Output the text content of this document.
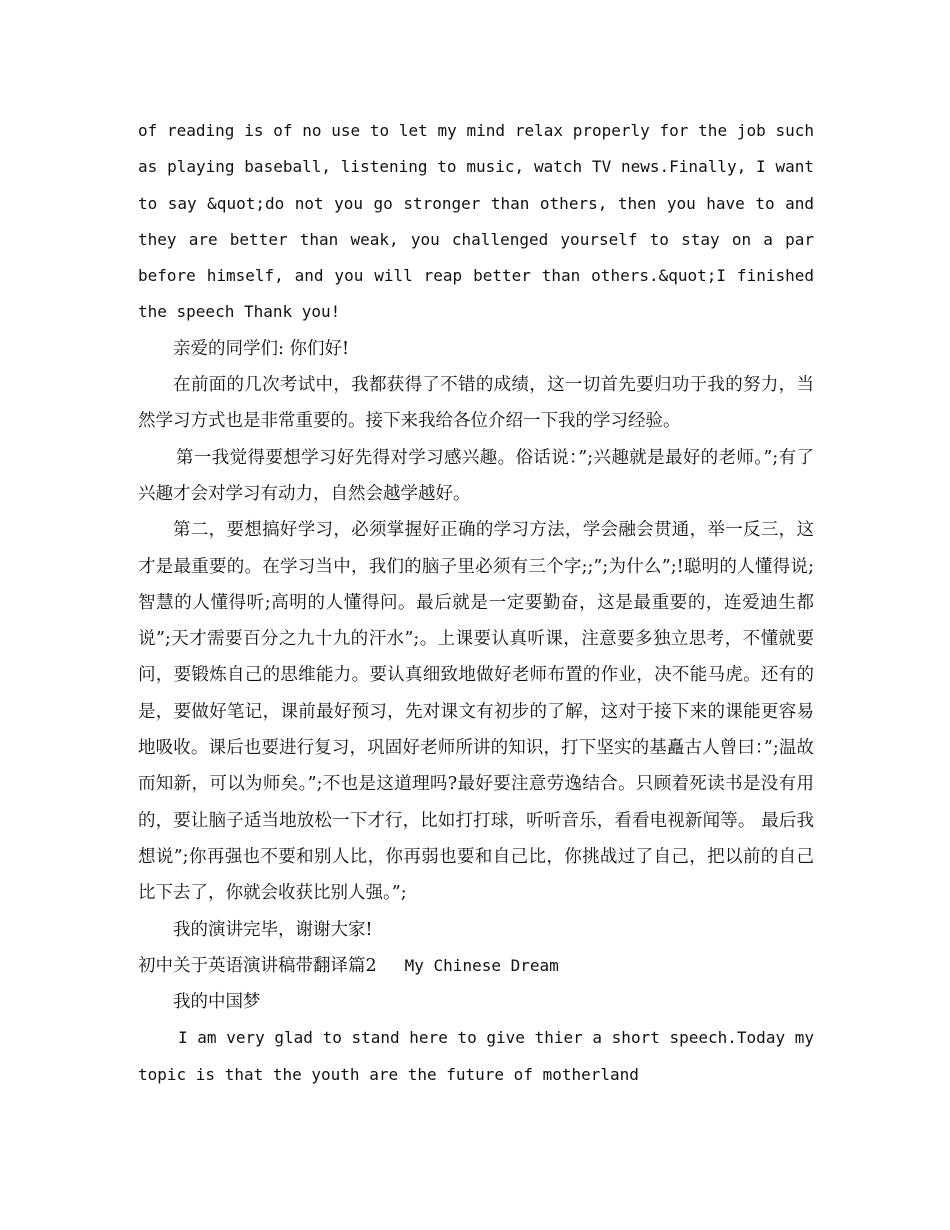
of reading is of no use to let my mind relax properly for the job such as playing baseball, listening to music, watch TV news.Finally, I want to say &quot;do not you go stronger than others, then you have to and they are better than weak, you challenged yourself to stay on a par before himself, and you will reap better than others.&quot;I finished the speech Thank you!

亲爱的同学们: 你们好!

在前面的几次考试中，我都获得了不错的成绩，这一切首先要归功于我的努力，当然学习方式也是非常重要的。接下来我给各位介绍一下我的学习经验。

第一我觉得要想学习好先得对学习感兴趣。俗话说：”;兴趣就是最好的老师。”;有了兴趣才会对学习有动力，自然会越学越好。

第二，要想搞好学习，必须掌握好正确的学习方法，学会融会贯通，举一反三，这才是最重要的。在学习当中，我们的脑子里必须有三个字;;”;为什么”;!聪明的人懂得说;智慧的人懂得听;高明的人懂得问。最后就是一定要勤奋，这是最重要的，连爱迪生都说”;天才需要百分之九十九的汗水”;。上课要认真听课，注意要多独立思考，不懂就要问，要锻炼自己的思维能力。要认真细致地做好老师布置的作业，决不能马虎。还有的是，要做好笔记，课前最好预习，先对课文有初步的了解，这对于接下来的课能更容易地吸收。课后也要进行复习，巩固好老师所讲的知识，打下坚实的基矗古人曾曰：”;温故而知新，可以为师矣。”;不也是这道理吗?最好要注意劳逸结合。只顾着死读书是没有用的，要让脑子适当地放松一下才行，比如打打球，听听音乐，看看电视新闻等。 最后我想说”;你再强也不要和别人比，你再弱也要和自己比，你挑战过了自己，把以前的自己比下去了，你就会收获比别人强。”;

我的演讲完毕，谢谢大家!

初中关于英语演讲稿带翻译篇2 My Chinese Dream

我的中国梦

I am very glad to stand here to give thier a short speech.Today my topic is that the youth are the future of motherland
